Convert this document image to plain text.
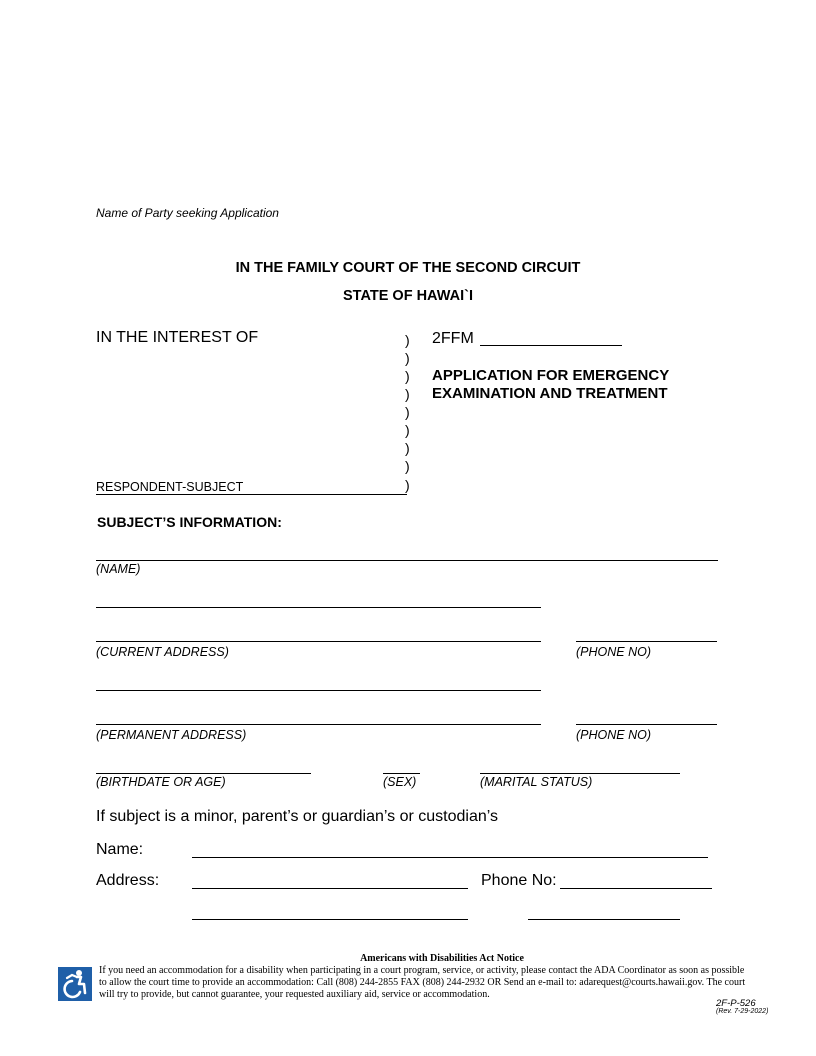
Name of Party seeking Application
IN THE FAMILY COURT OF THE SECOND CIRCUIT
STATE OF HAWAI`I
IN THE INTEREST OF	)
)
)
)
)
)
)
)
)
RESPONDENT-SUBJECT
2FFM
APPLICATION FOR EMERGENCY
EXAMINATION AND TREATMENT
SUBJECT’S INFORMATION:
(NAME)
(CURRENT ADDRESS)	(PHONE NO)
(PERMANENT ADDRESS)	(PHONE NO)
(BIRTHDATE OR AGE)	(SEX)	(MARITAL STATUS)
If subject is a minor, parent’s or guardian’s or custodian’s
Name:
Address:	Phone No:
Americans with Disabilities Act Notice
If you need an accommodation for a disability when participating in a court program, service, or activity, please contact the ADA Coordinator as soon as possible
to allow the court time to provide an accommodation: Call (808) 244-2855 FAX (808) 244-2932 OR Send an e-mail to: adarequest@courts.hawaii.gov. The court
will try to provide, but cannot guarantee, your requested auxiliary aid, service or accommodation.
2F-P-526
(Rev. 7-29-2022)
